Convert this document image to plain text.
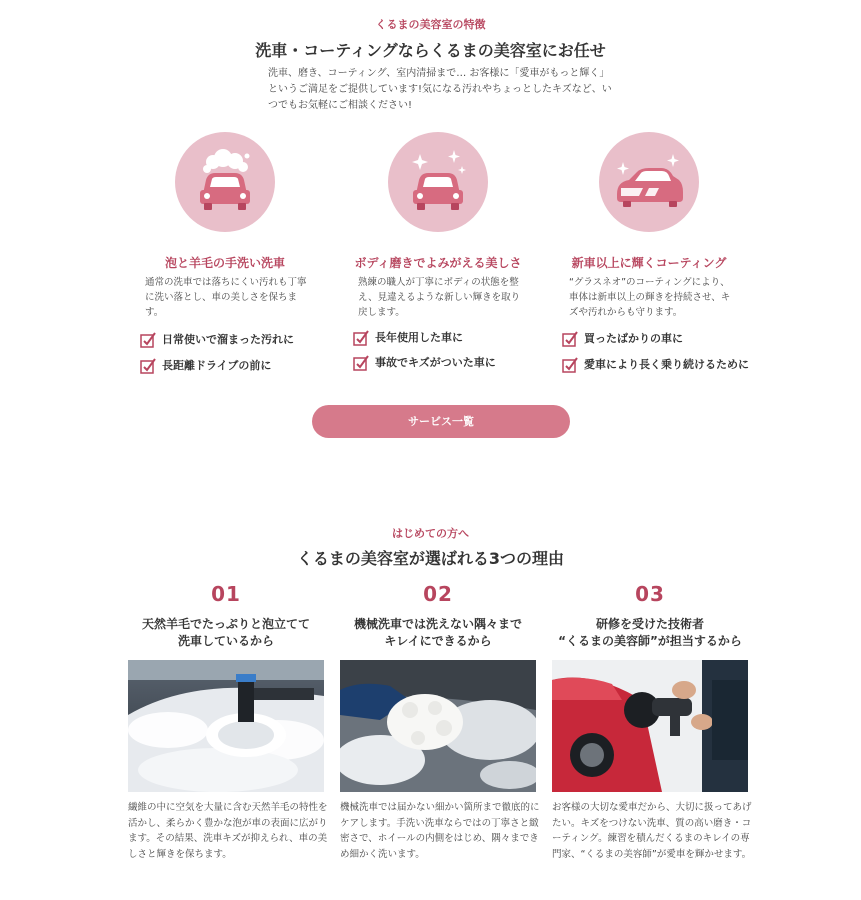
くるまの美容室の特徴
洗車・コーティングならくるまの美容室にお任せ

洗車、磨き、コーティング、室内清掃まで… お客様に「愛車がもっと輝く」というご満足をご提供しています!気になる汚れやちょっとしたキズなど、いつでもお気軽にご相談ください!

泡と羊毛の手洗い洗車
通常の洗車では落ちにくい汚れも丁寧に洗い落とし、車の美しさを保ちます。
日常使いで溜まった汚れに
長距離ドライブの前に
ボディ磨きでよみがえる美しさ
熟練の職人が丁寧にボディの状態を整え、見違えるような新しい輝きを取り戻します。
長年使用した車に
事故でキズがついた車に
新車以上に輝くコーティング
“グラスネオ”のコーティングにより、車体は新車以上の輝きを持続させ、キズや汚れからも守ります。
買ったばかりの車に
愛車により長く乗り続けるために
サービス一覧
はじめての方へ
くるまの美容室が選ばれる3つの理由
01
天然羊毛でたっぷりと泡立てて
洗車しているから
繊維の中に空気を大量に含む天然羊毛の特性を活かし、柔らかく豊かな泡が車の表面に広がります。その結果、洗車キズが抑えられ、車の美しさと輝きを保ちます。
02
機械洗車では洗えない隅々まで
キレイにできるから
機械洗車では届かない細かい箇所まで徹底的にケアします。手洗い洗車ならではの丁寧さと緻密さで、ホイールの内側をはじめ、隅々まできめ細かく洗います。
03
研修を受けた技術者
“くるまの美容師”が担当するから
お客様の大切な愛車だから、大切に扱ってあげたい。キズをつけない洗車、質の高い磨き・コーティング。練習を積んだくるまのキレイの専門家、“くるまの美容師”が愛車を輝かせます。
